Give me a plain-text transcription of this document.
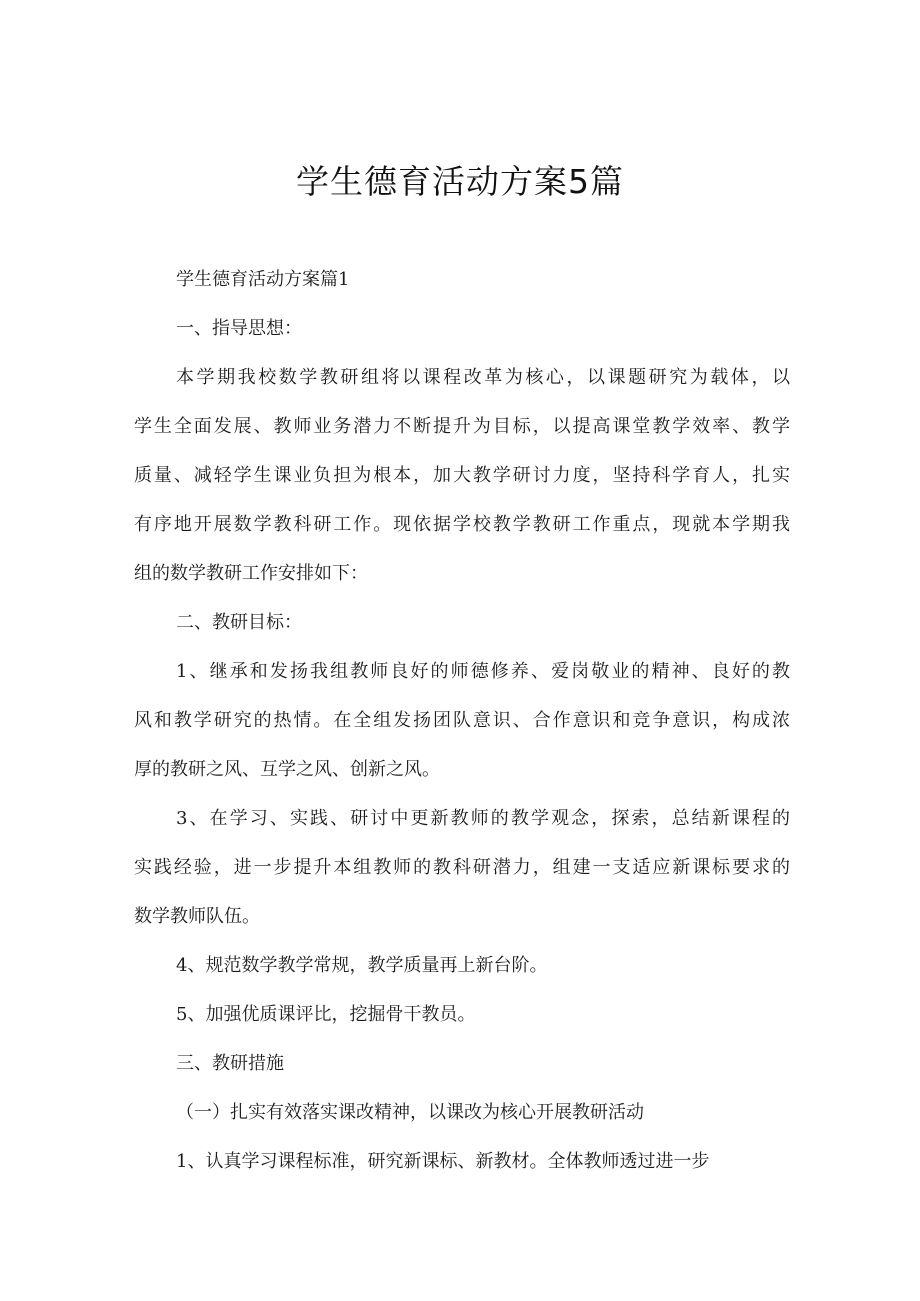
学生德育活动方案5篇
学生德育活动方案篇1
一、指导思想：
本学期我校数学教研组将以课程改革为核心，以课题研究为载体，以
学生全面发展、教师业务潜力不断提升为目标，以提高课堂教学效率、教学
质量、减轻学生课业负担为根本，加大教学研讨力度，坚持科学育人，扎实
有序地开展数学教科研工作。现依据学校教学教研工作重点，现就本学期我
组的数学教研工作安排如下：
二、教研目标：
1、继承和发扬我组教师良好的师德修养、爱岗敬业的精神、良好的教
风和教学研究的热情。在全组发扬团队意识、合作意识和竞争意识，构成浓
厚的教研之风、互学之风、创新之风。
3、在学习、实践、研讨中更新教师的教学观念，探索，总结新课程的
实践经验，进一步提升本组教师的教科研潜力，组建一支适应新课标要求的
数学教师队伍。
4、规范数学教学常规，教学质量再上新台阶。
5、加强优质课评比，挖掘骨干教员。
三、教研措施
（一）扎实有效落实课改精神，以课改为核心开展教研活动
1、认真学习课程标准，研究新课标、新教材。全体教师透过进一步
